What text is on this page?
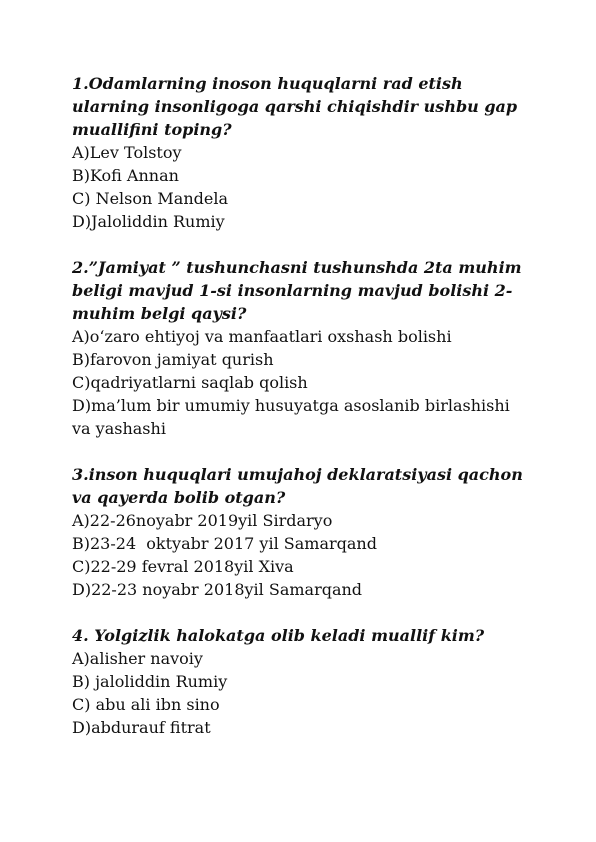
1.Odamlarning inoson huquqlarni rad etish ularning insonligoga qarshi chiqishdir ushbu gap muallifini toping?
A)Lev Tolstoy
B)Kofi Annan
C) Nelson Mandela
D)Jaloliddin Rumiy
2.”Jamiyat ” tushunchasni tushunshda 2ta muhim beligi mavjud 1-si insonlarning mavjud bolishi 2-muhim belgi qaysi?
A)o‘zaro ehtiyoj va manfaatlari oxshash bolishi
B)farovon jamiyat qurish
C)qadriyatlarni saqlab qolish
D)ma’lum bir umumiy husuyatga asoslanib birlashishi va yashashi
3.inson huquqlari umujahoj deklaratsiyasi qachon va qayerda bolib otgan?
A)22-26noyabr 2019yil Sirdaryo
B)23-24  oktyabr 2017 yil Samarqand
C)22-29 fevral 2018yil Xiva
D)22-23 noyabr 2018yil Samarqand
4. Yolgizlik halokatga olib keladi muallif kim?
A)alisher navoiy
B) jaloliddin Rumiy
C) abu ali ibn sino
D)abdurauf fitrat
